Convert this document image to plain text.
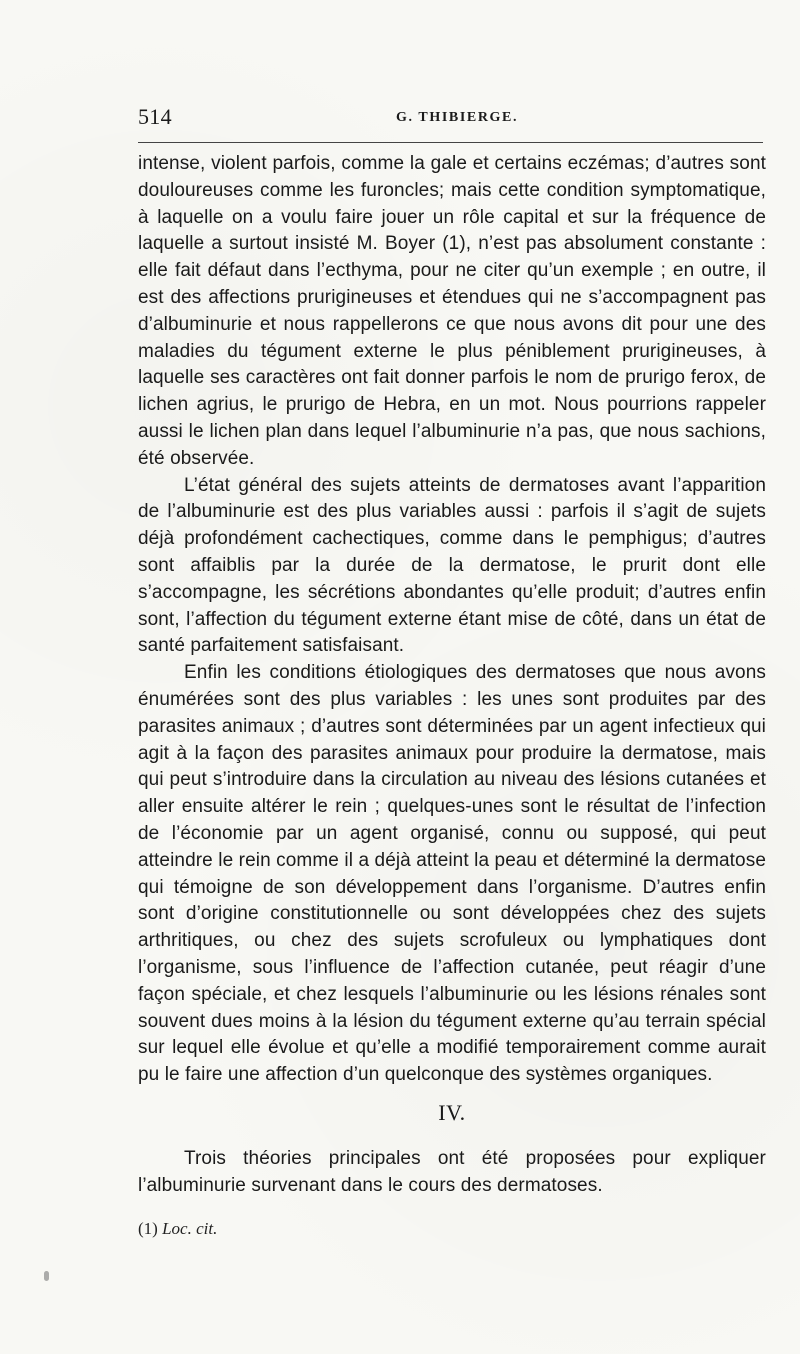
514	G. THIBIERGE.

intense, violent parfois, comme la gale et certains eczémas; d’autres sont douloureuses comme les furoncles; mais cette condition symptomatique, à laquelle on a voulu faire jouer un rôle capital et sur la fréquence de laquelle a surtout insisté M. Boyer (1), n’est pas absolument constante : elle fait défaut dans l’ecthyma, pour ne citer qu’un exemple ; en outre, il est des affections prurigineuses et étendues qui ne s’accompagnent pas d’albuminurie et nous rappellerons ce que nous avons dit pour une des maladies du tégument externe le plus péniblement prurigineuses, à laquelle ses caractères ont fait donner parfois le nom de prurigo ferox, de lichen agrius, le prurigo de Hebra, en un mot. Nous pourrions rappeler aussi le lichen plan dans lequel l’albuminurie n’a pas, que nous sachions, été observée.

L’état général des sujets atteints de dermatoses avant l’apparition de l’albuminurie est des plus variables aussi : parfois il s’agit de sujets déjà profondément cachectiques, comme dans le pemphigus; d’autres sont affaiblis par la durée de la dermatose, le prurit dont elle s’accompagne, les sécrétions abondantes qu’elle produit; d’autres enfin sont, l’affection du tégument externe étant mise de côté, dans un état de santé parfaitement satisfaisant.

Enfin les conditions étiologiques des dermatoses que nous avons énumérées sont des plus variables : les unes sont produites par des parasites animaux ; d’autres sont déterminées par un agent infectieux qui agit à la façon des parasites animaux pour produire la dermatose, mais qui peut s’introduire dans la circulation au niveau des lésions cutanées et aller ensuite altérer le rein ; quelques-unes sont le résultat de l’infection de l’économie par un agent organisé, connu ou supposé, qui peut atteindre le rein comme il a déjà atteint la peau et déterminé la dermatose qui témoigne de son développement dans l’organisme. D’autres enfin sont d’origine constitutionnelle ou sont développées chez des sujets arthritiques, ou chez des sujets scrofuleux ou lymphatiques dont l’organisme, sous l’influence de l’affection cutanée, peut réagir d’une façon spéciale, et chez lesquels l’albuminurie ou les lésions rénales sont souvent dues moins à la lésion du tégument externe qu’au terrain spécial sur lequel elle évolue et qu’elle a modifié temporairement comme aurait pu le faire une affection d’un quelconque des systèmes organiques.

IV.

Trois théories principales ont été proposées pour expliquer l’albuminurie survenant dans le cours des dermatoses.

(1) Loc. cit.
